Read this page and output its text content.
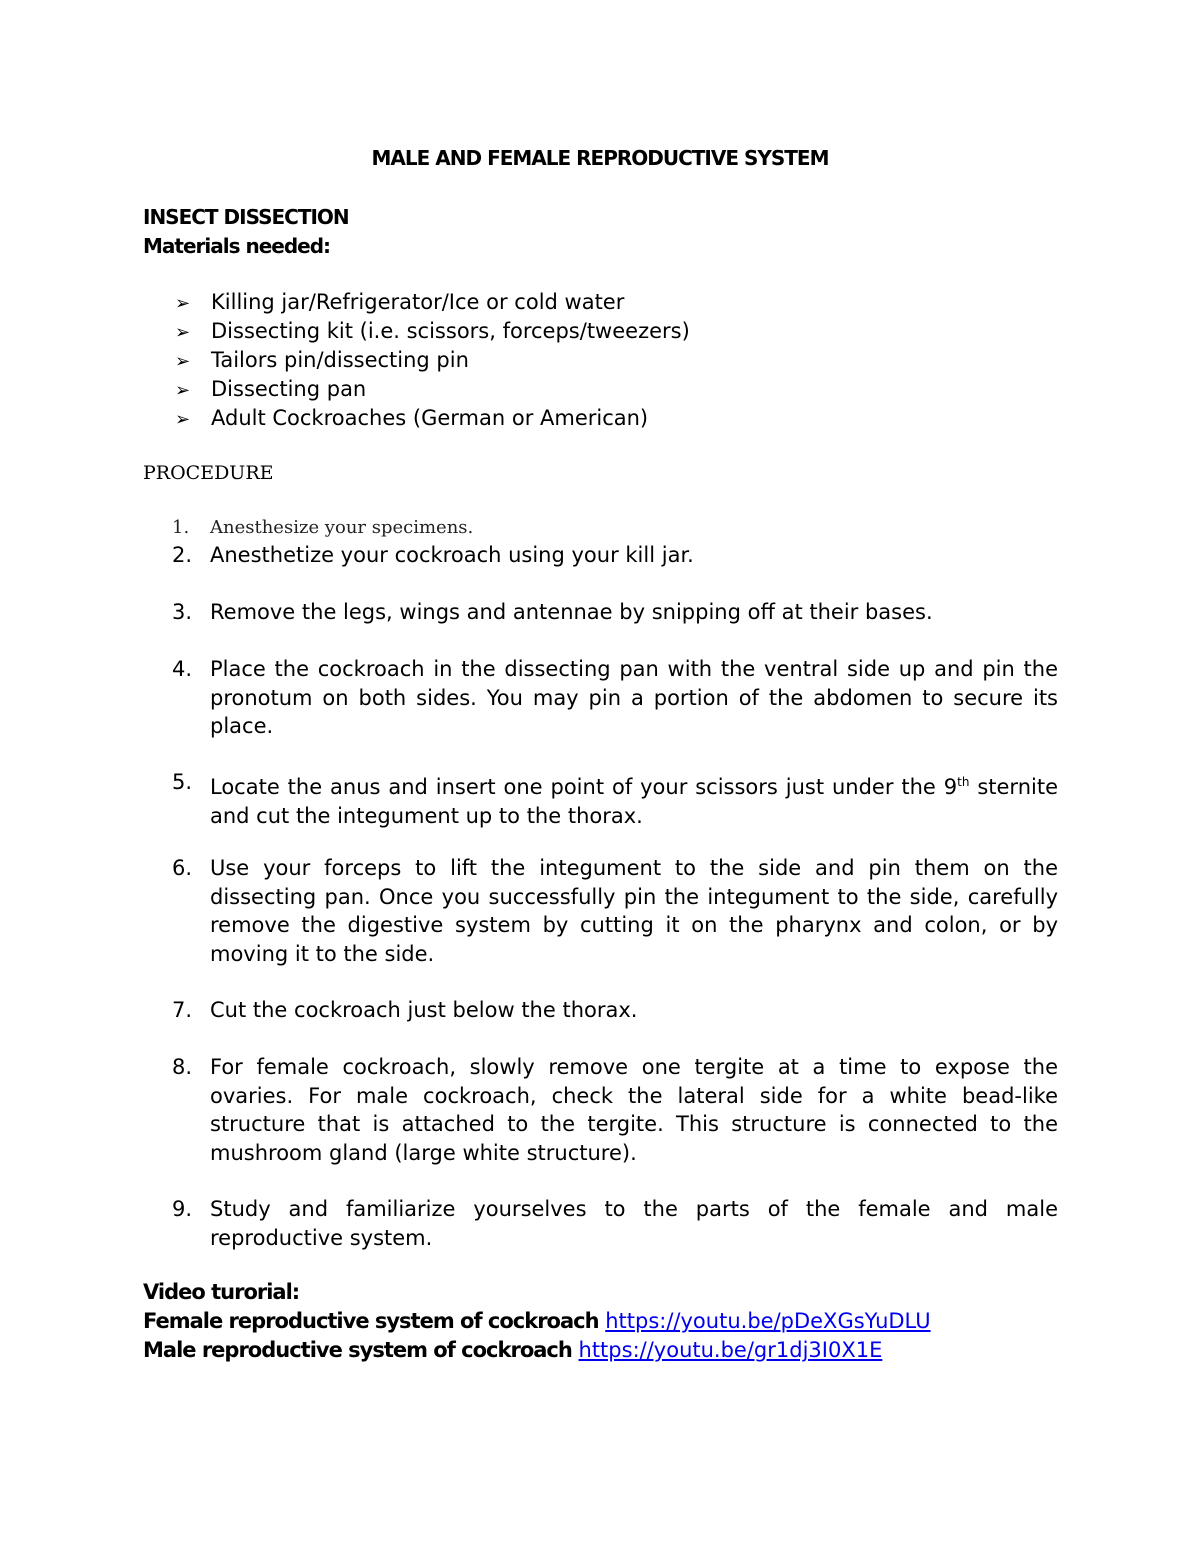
MALE AND FEMALE REPRODUCTIVE SYSTEM
INSECT DISSECTION
Materials needed:
➢ Killing jar/Refrigerator/Ice or cold water
➢ Dissecting kit (i.e. scissors, forceps/tweezers)
➢ Tailors pin/dissecting pin
➢ Dissecting pan
➢ Adult Cockroaches (German or American)
PROCEDURE
1.	Anesthesize your specimens.
2. Anesthetize your cockroach using your kill jar.
3. Remove the legs, wings and antennae by snipping off at their bases.
4. Place the cockroach in the dissecting pan with the ventral side up and pin the pronotum on both sides. You may pin a portion of the abdomen to secure its place.
5. Locate the anus and insert one point of your scissors just under the 9th sternite and cut the integument up to the thorax.
6. Use your forceps to lift the integument to the side and pin them on the dissecting pan. Once you successfully pin the integument to the side, carefully remove the digestive system by cutting it on the pharynx and colon, or by moving it to the side.
7. Cut the cockroach just below the thorax.
8. For female cockroach, slowly remove one tergite at a time to expose the ovaries. For male cockroach, check the lateral side for a white bead-like structure that is attached to the tergite. This structure is connected to the mushroom gland (large white structure).
9. Study and familiarize yourselves to the parts of the female and male reproductive system.
Video turorial:
Female reproductive system of cockroach https://youtu.be/pDeXGsYuDLU
Male reproductive system of cockroach https://youtu.be/gr1dj3I0X1E
